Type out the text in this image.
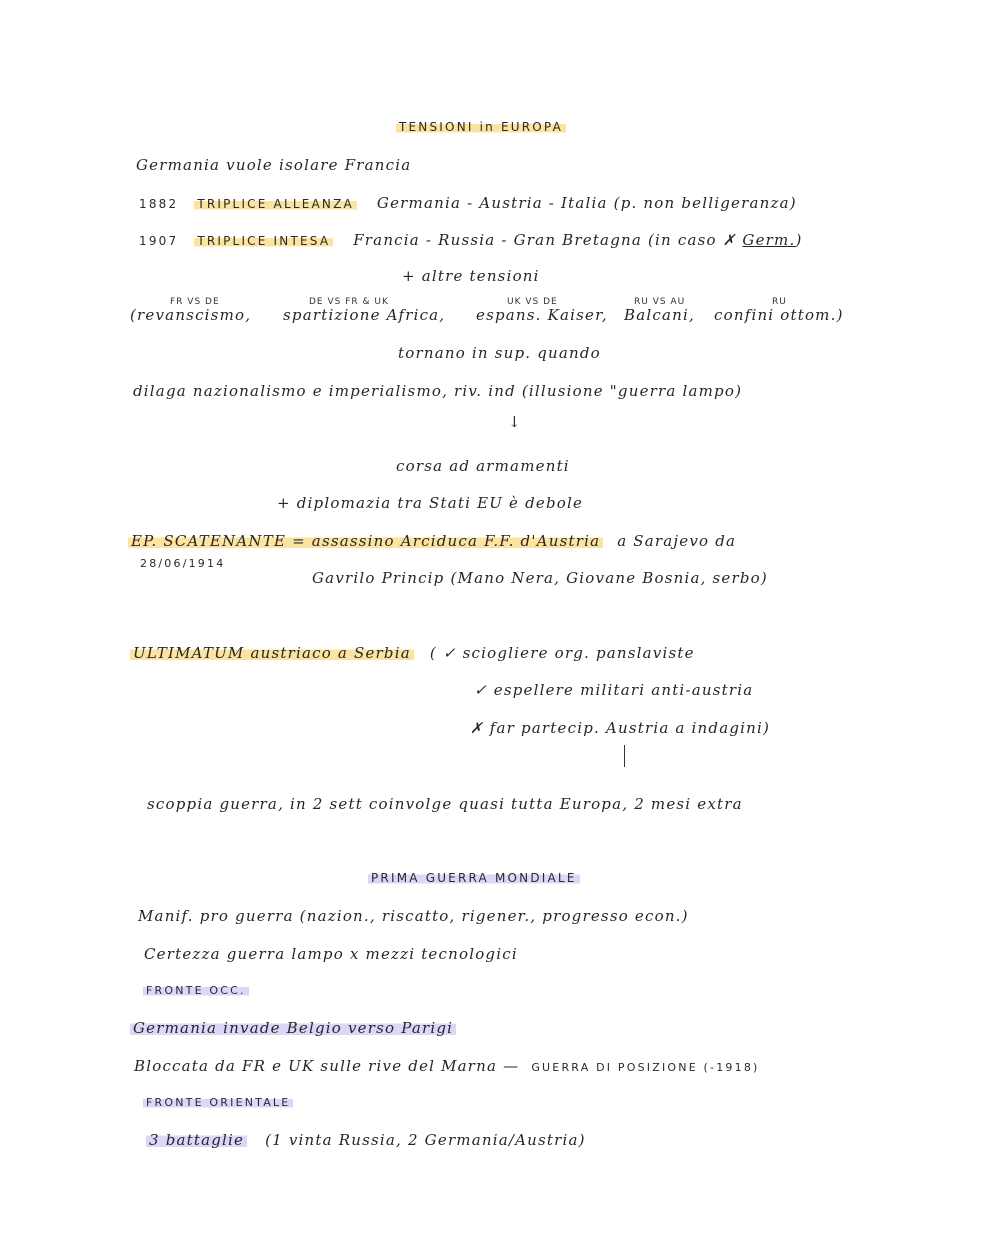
TENSIONI in EUROPA
Germania vuole isolare Francia
1882 TRIPLICE ALLEANZA Germania - Austria - Italia (p. non belligeranza)
1907 TRIPLICE INTESA Francia - Russia - Gran Bretagna (in caso ✗ Germ.)
+ altre tensioni
FR VS DE	DE VS FR & UK	UK VS DE	RU VS AU	RU
(revanscismo, spartizione Africa, espans. Kaiser, Balcani, confini ottom.)
tornano in sup. quando
dilaga nazionalismo e imperialismo, riv. ind (illusione "guerra lampo)
↓
corsa ad armamenti
+ diplomazia tra Stati EU è debole
EP. SCATENANTE = assassino Arciduca F.F. d'Austria a Sarajevo da
28/06/1914
Gavrilo Princip (Mano Nera, Giovane Bosnia, serbo)
ULTIMATUM austriaco a Serbia ( ✓ sciogliere org. panslaviste
✓ espellere militari anti-austria
✗ far partecip. Austria a indagini)
scoppia guerra, in 2 sett coinvolge quasi tutta Europa, 2 mesi extra
PRIMA GUERRA MONDIALE
Manif. pro guerra (nazion., riscatto, rigener., progresso econ.)
Certezza guerra lampo x mezzi tecnologici
FRONTE OCC.
Germania invade Belgio verso Parigi
Bloccata da FR e UK sulle rive del Marna — GUERRA DI POSIZIONE (-1918)
FRONTE ORIENTALE
3 battaglie (1 vinta Russia, 2 Germania/Austria)
